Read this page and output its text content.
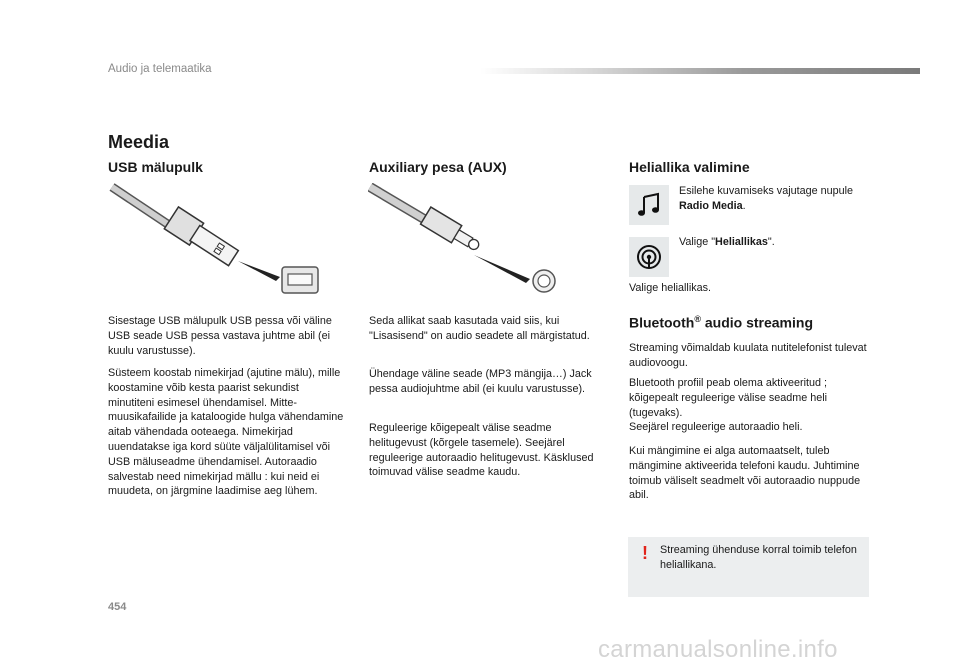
Audio ja telemaatika
Meedia
USB mälupulk
Sisestage USB mälupulk USB pessa või väline USB seade USB pessa vastava juhtme abil (ei kuulu varustusse).
Süsteem koostab nimekirjad (ajutine mälu), mille koostamine võib kesta paarist sekundist minutiteni esimesel ühendamisel. Mitte-muusikafailide ja kataloogide hulga vähendamine aitab vähendada ooteaega. Nimekirjad uuendatakse iga kord süüte väljalülitamisel või USB mäluseadme ühendamisel. Autoraadio salvestab need nimekirjad mällu : kui neid ei muudeta, on järgmine laadimise aeg lühem.
Auxiliary pesa (AUX)
Seda allikat saab kasutada vaid siis, kui "Lisasisend" on audio seadete all märgistatud.
Ühendage väline seade (MP3 mängija…) Jack pessa audiojuhtme abil (ei kuulu varustusse).
Reguleerige kõigepealt välise seadme helitugevust (kõrgele tasemele). Seejärel reguleerige autoraadio helitugevust. Käsklused toimuvad välise seadme kaudu.
Heliallika valimine
Esilehe kuvamiseks vajutage nupule Radio Media.
Valige "Heliallikas".
Valige heliallikas.
Bluetooth® audio streaming
Streaming võimaldab kuulata nutitelefonist tulevat audiovoogu.
Bluetooth profiil peab olema aktiveeritud ; kõigepealt reguleerige välise seadme heli (tugevaks).
Seejärel reguleerige autoraadio heli.
Kui mängimine ei alga automaatselt, tuleb mängimine aktiveerida telefoni kaudu. Juhtimine toimub väliselt seadmelt või autoraadio nuppude abil.
! Streaming ühenduse korral toimib telefon heliallikana.
454
carmanualsonline.info
